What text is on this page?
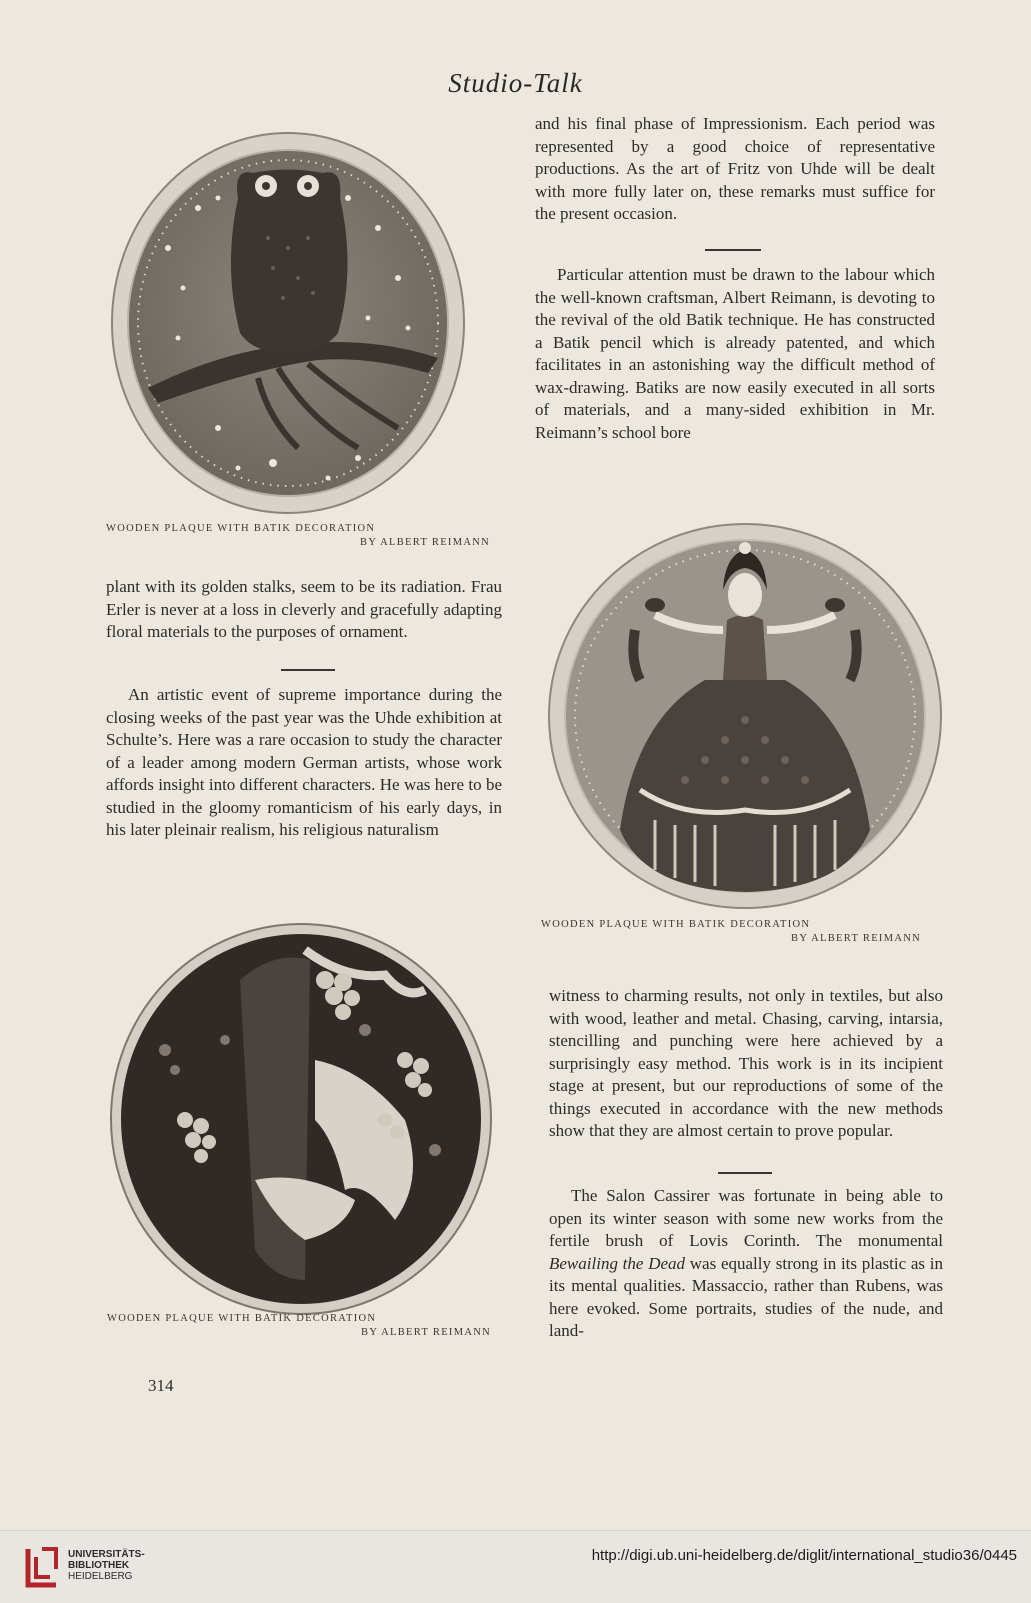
Studio-Talk
WOODEN PLAQUE WITH BATIK DECORATION
BY ALBERT REIMANN

and his final phase of Impressionism. Each period was represented by a good choice of representative productions. As the art of Fritz von Uhde will be dealt with more fully later on, these remarks must suffice for the present occasion.

Particular attention must be drawn to the labour which the well-known craftsman, Albert Reimann, is devoting to the revival of the old Batik technique. He has constructed a Batik pencil which is already patented, and which facilitates in an astonishing way the difficult method of wax-drawing. Batiks are now easily executed in all sorts of materials, and a many-sided exhibition in Mr. Reimann’s school bore

WOODEN PLAQUE WITH BATIK DECORATION
BY ALBERT REIMANN

plant with its golden stalks, seem to be its radiation. Frau Erler is never at a loss in cleverly and gracefully adapting floral materials to the purposes of ornament.

An artistic event of supreme importance during the closing weeks of the past year was the Uhde exhibition at Schulte’s. Here was a rare occasion to study the character of a leader among modern German artists, whose work affords insight into different characters. He was here to be studied in the gloomy romanticism of his early days, in his later pleinair realism, his religious naturalism

WOODEN PLAQUE WITH BATIK DECORATION
BY ALBERT REIMANN

witness to charming results, not only in textiles, but also with wood, leather and metal. Chasing, carving, intarsia, stencilling and punching were here achieved by a surprisingly easy method. This work is in its incipient stage at present, but our reproductions of some of the things executed in accordance with the new methods show that they are almost certain to prove popular.

The Salon Cassirer was fortunate in being able to open its winter season with some new works from the fertile brush of Lovis Corinth. The monumental Bewailing the Dead was equally strong in its plastic as in its mental qualities. Massaccio, rather than Rubens, was here evoked. Some portraits, studies of the nude, and land-

314
UNIVERSITÄTS-
BIBLIOTHEK
HEIDELBERG
http://digi.ub.uni-heidelberg.de/diglit/international_studio36/0445
